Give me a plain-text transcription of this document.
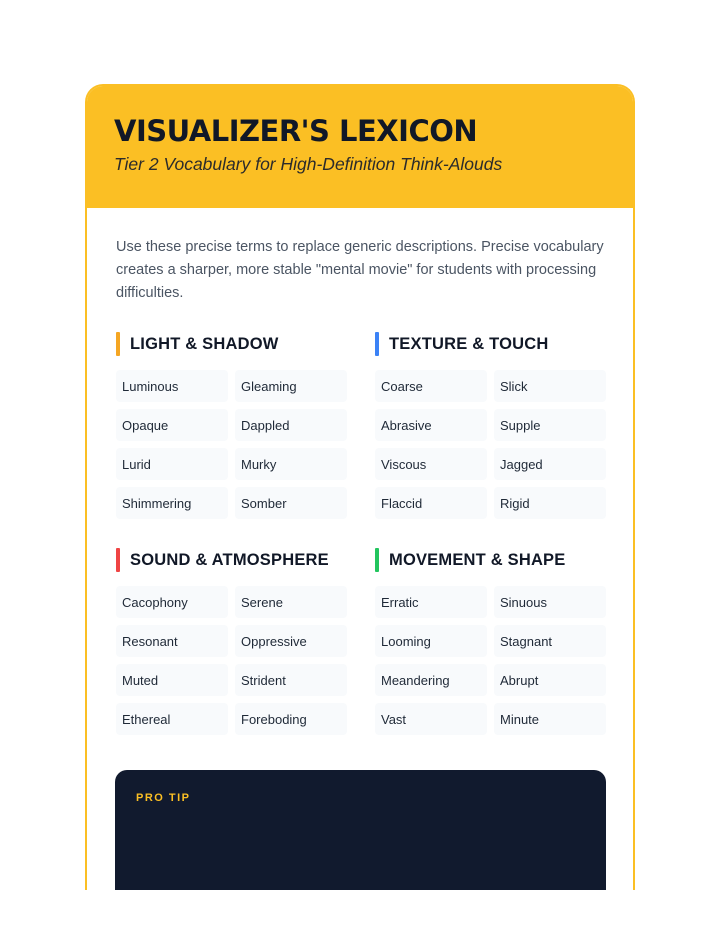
VISUALIZER'S LEXICON
Tier 2 Vocabulary for High-Definition Think-Alouds

Use these precise terms to replace generic descriptions. Precise vocabulary creates a sharper, more stable "mental movie" for students with processing difficulties.

LIGHT & SHADOW
Luminous	Gleaming
Opaque	Dappled
Lurid	Murky
Shimmering	Somber
TEXTURE & TOUCH
Coarse	Slick
Abrasive	Supple
Viscous	Jagged
Flaccid	Rigid
SOUND & ATMOSPHERE
Cacophony	Serene
Resonant	Oppressive
Muted	Strident
Ethereal	Foreboding
MOVEMENT & SHAPE
Erratic	Sinuous
Looming	Stagnant
Meandering	Abrupt
Vast	Minute
PRO TIP
